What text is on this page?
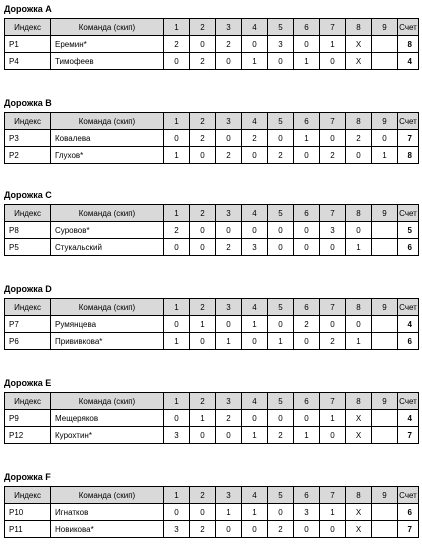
Дорожка A
Индекс	Команда (скип)	1	2	3	4	5	6	7	8	9	Счет
P1	Еремин*	2	0	2	0	3	0	1	X		8
P4	Тимофеев	0	2	0	1	0	1	0	X		4
Дорожка B
Индекс	Команда (скип)	1	2	3	4	5	6	7	8	9	Счет
P3	Ковалева	0	2	0	2	0	1	0	2	0	7
P2	Глухов*	1	0	2	0	2	0	2	0	1	8
Дорожка C
Индекс	Команда (скип)	1	2	3	4	5	6	7	8	9	Счет
P8	Суровов*	2	0	0	0	0	0	3	0		5
P5	Стукальский	0	0	2	3	0	0	0	1		6
Дорожка D
Индекс	Команда (скип)	1	2	3	4	5	6	7	8	9	Счет
P7	Румянцева	0	1	0	1	0	2	0	0		4
P6	Прививкова*	1	0	1	0	1	0	2	1		6
Дорожка E
Индекс	Команда (скип)	1	2	3	4	5	6	7	8	9	Счет
P9	Мещеряков	0	1	2	0	0	0	1	X		4
P12	Курохтин*	3	0	0	1	2	1	0	X		7
Дорожка F
Индекс	Команда (скип)	1	2	3	4	5	6	7	8	9	Счет
P10	Игнатков	0	0	1	1	0	3	1	X		6
P11	Новикова*	3	2	0	0	2	0	0	X		7
